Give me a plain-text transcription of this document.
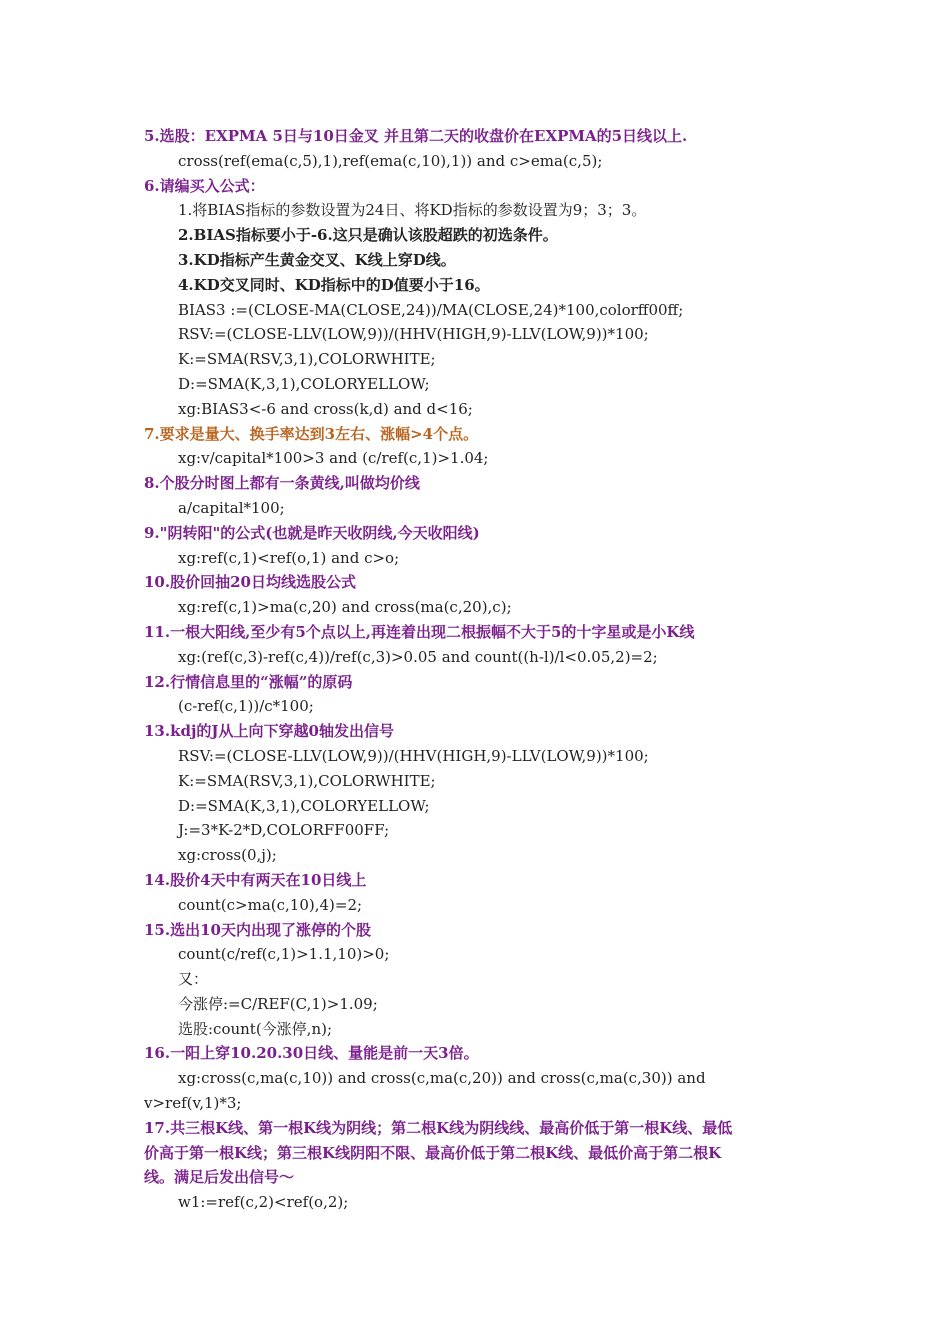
5.选股：EXPMA 5日与10日金叉 并且第二天的收盘价在EXPMA的5日线以上.
cross(ref(ema(c,5),1),ref(ema(c,10),1)) and c>ema(c,5);
6.请编买入公式：
1.将BIAS指标的参数设置为24日、将KD指标的参数设置为9；3；3。
2.BIAS指标要小于-6.这只是确认该股超跌的初选条件。
3.KD指标产生黄金交叉、K线上穿D线。
4.KD交叉同时、KD指标中的D值要小于16。
BIAS3 :=(CLOSE-MA(CLOSE,24))/MA(CLOSE,24)*100,colorff00ff;
RSV:=(CLOSE-LLV(LOW,9))/(HHV(HIGH,9)-LLV(LOW,9))*100;
K:=SMA(RSV,3,1),COLORWHITE;
D:=SMA(K,3,1),COLORYELLOW;
xg:BIAS3<-6 and cross(k,d) and d<16;
7.要求是量大、换手率达到3左右、涨幅>4个点。
xg:v/capital*100>3 and (c/ref(c,1)>1.04;
8.个股分时图上都有一条黄线,叫做均价线
a/capital*100;
9."阴转阳"的公式(也就是昨天收阴线,今天收阳线)
xg:ref(c,1)<ref(o,1) and c>o;
10.股价回抽20日均线选股公式
xg:ref(c,1)>ma(c,20) and cross(ma(c,20),c);
11.一根大阳线,至少有5个点以上,再连着出现二根振幅不大于5的十字星或是小K线
xg:(ref(c,3)-ref(c,4))/ref(c,3)>0.05 and count((h-l)/l<0.05,2)=2;
12.行情信息里的“涨幅”的原码
(c-ref(c,1))/c*100;
13.kdj的J从上向下穿越0轴发出信号
RSV:=(CLOSE-LLV(LOW,9))/(HHV(HIGH,9)-LLV(LOW,9))*100;
K:=SMA(RSV,3,1),COLORWHITE;
D:=SMA(K,3,1),COLORYELLOW;
J:=3*K-2*D,COLORFF00FF;
xg:cross(0,j);
14.股价4天中有两天在10日线上
count(c>ma(c,10),4)=2;
15.选出10天内出现了涨停的个股
count(c/ref(c,1)>1.1,10)>0;
又：
今涨停:=C/REF(C,1)>1.09;
选股:count(今涨停,n);
16.一阳上穿10.20.30日线、量能是前一天3倍。
xg:cross(c,ma(c,10)) and cross(c,ma(c,20)) and cross(c,ma(c,30)) and
v>ref(v,1)*3;
17.共三根K线、第一根K线为阴线；第二根K线为阴线线、最高价低于第一根K线、最低
价高于第一根K线；第三根K线阴阳不限、最高价低于第二根K线、最低价高于第二根K
线。满足后发出信号～
w1:=ref(c,2)<ref(o,2);
